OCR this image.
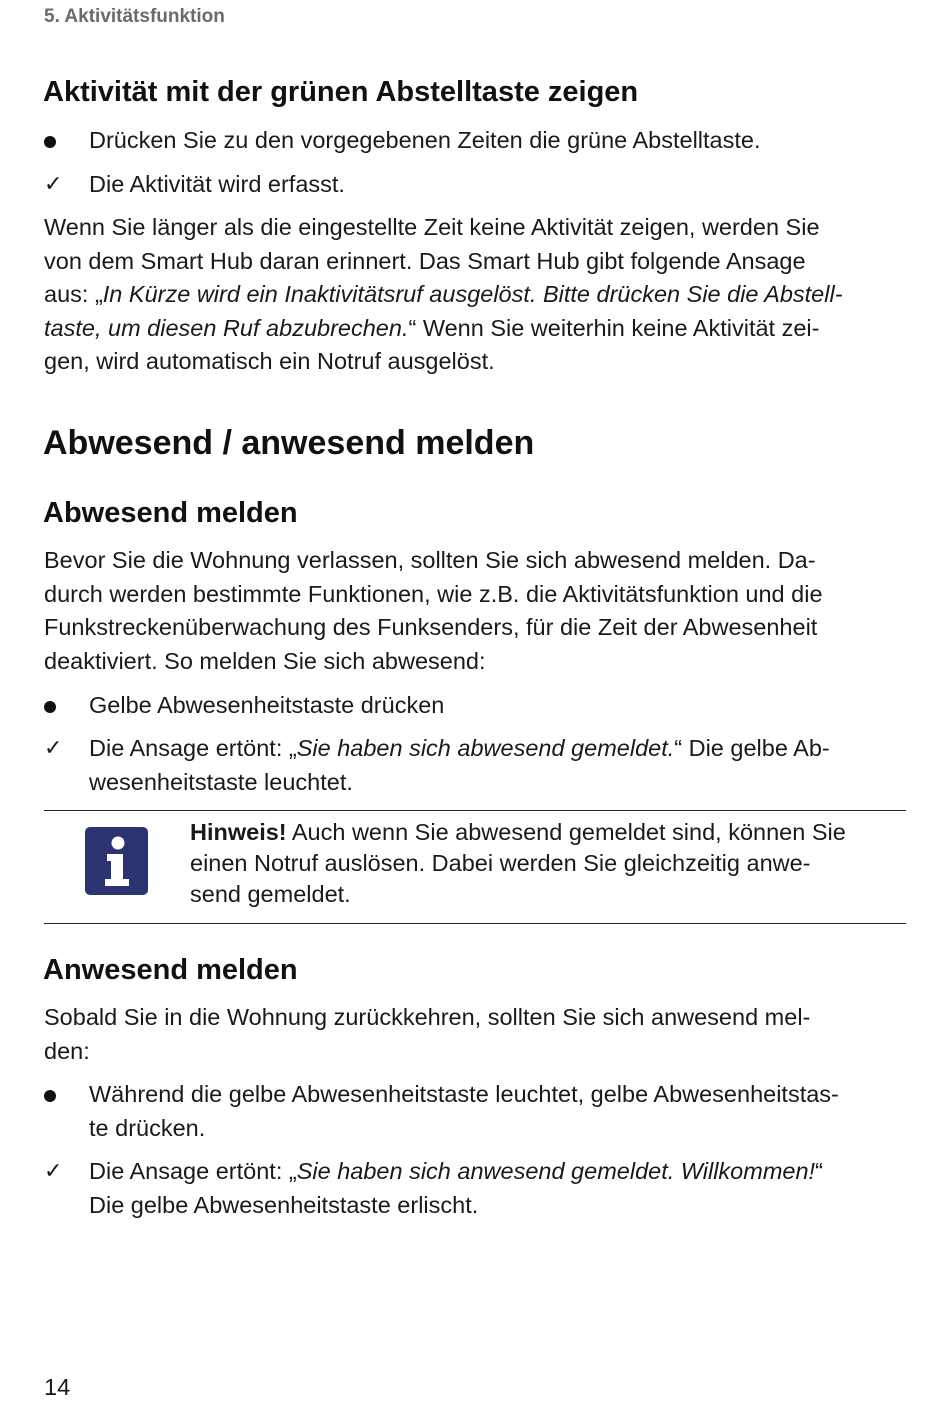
5. Aktivitätsfunktion
Aktivität mit der grünen Abstelltaste zeigen
Drücken Sie zu den vorgegebenen Zeiten die grüne Abstelltaste.
✓	Die Aktivität wird erfasst.
Wenn Sie länger als die eingestellte Zeit keine Aktivität zeigen, werden Sie
von dem Smart Hub daran erinnert. Das Smart Hub gibt folgende Ansage
aus: „In Kürze wird ein Inaktivitätsruf ausgelöst. Bitte drücken Sie die Abstell-
taste, um diesen Ruf abzubrechen.“ Wenn Sie weiterhin keine Aktivität zei-
gen, wird automatisch ein Notruf ausgelöst.
Abwesend / anwesend melden
Abwesend melden
Bevor Sie die Wohnung verlassen, sollten Sie sich abwesend melden. Da-
durch werden bestimmte Funktionen, wie z.B. die Aktivitätsfunktion und die
Funkstreckenüberwachung des Funksenders, für die Zeit der Abwesenheit
deaktiviert. So melden Sie sich abwesend:
Gelbe Abwesenheitstaste drücken
✓	Die Ansage ertönt: „Sie haben sich abwesend gemeldet.“ Die gelbe Ab-
wesenheitstaste leuchtet.
Hinweis! Auch wenn Sie abwesend gemeldet sind, können Sie
einen Notruf auslösen. Dabei werden Sie gleichzeitig anwe-
send gemeldet.
Anwesend melden
Sobald Sie in die Wohnung zurückkehren, sollten Sie sich anwesend mel-
den:
Während die gelbe Abwesenheitstaste leuchtet, gelbe Abwesenheitstas-
te drücken.
✓	Die Ansage ertönt: „Sie haben sich anwesend gemeldet. Willkommen!“
Die gelbe Abwesenheitstaste erlischt.
14
